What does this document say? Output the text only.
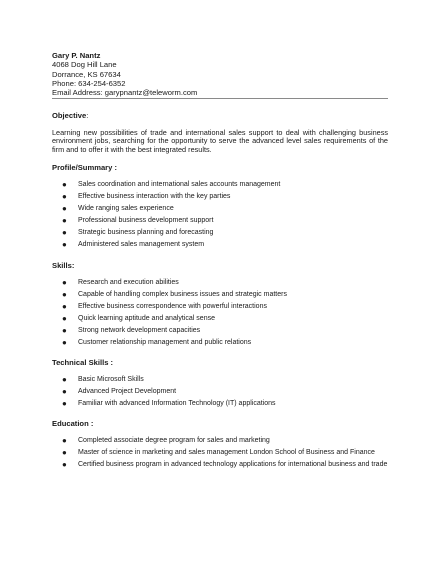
Gary P. Nantz
4068 Dog Hill Lane
Dorrance, KS 67634
Phone: 634-254-6352
Email Address: garypnantz@teleworm.com
Objective:
Learning new possibilities of trade and international sales support to deal with challenging business environment jobs, searching for the opportunity to serve the advanced level sales requirements of the firm and to offer it with the best integrated results.
Profile/Summary :
● Sales coordination and international sales accounts management
● Effective business interaction with the key parties
● Wide ranging sales experience
● Professional business development support
● Strategic business planning and forecasting
● Administered sales management system
Skills:
● Research and execution abilities
● Capable of handling complex business issues and strategic matters
● Effective business correspondence with powerful interactions
● Quick learning aptitude and analytical sense
● Strong network development capacities
● Customer relationship management and public relations
Technical Skills :
● Basic Microsoft Skills
● Advanced Project Development
● Familiar with advanced Information Technology (IT) applications
Education :
● Completed associate degree program for sales and marketing
● Master of science in marketing and sales management London School of Business and Finance
● Certified business program in advanced technology applications for international business and trade
